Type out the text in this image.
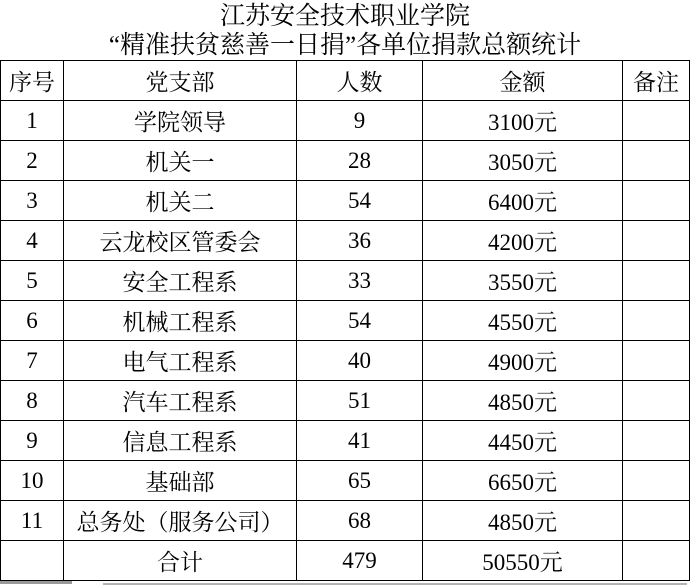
江苏安全技术职业学院
“精准扶贫慈善一日捐”各单位捐款总额统计
序号	党支部	人数	金额	备注
1	学院领导	9	3100元	
2	机关一	28	3050元	
3	机关二	54	6400元	
4	云龙校区管委会	36	4200元	
5	安全工程系	33	3550元	
6	机械工程系	54	4550元	
7	电气工程系	40	4900元	
8	汽车工程系	51	4850元	
9	信息工程系	41	4450元	
10	基础部	65	6650元	
11	总务处（服务公司）	68	4850元	
	合计	479	50550元	
